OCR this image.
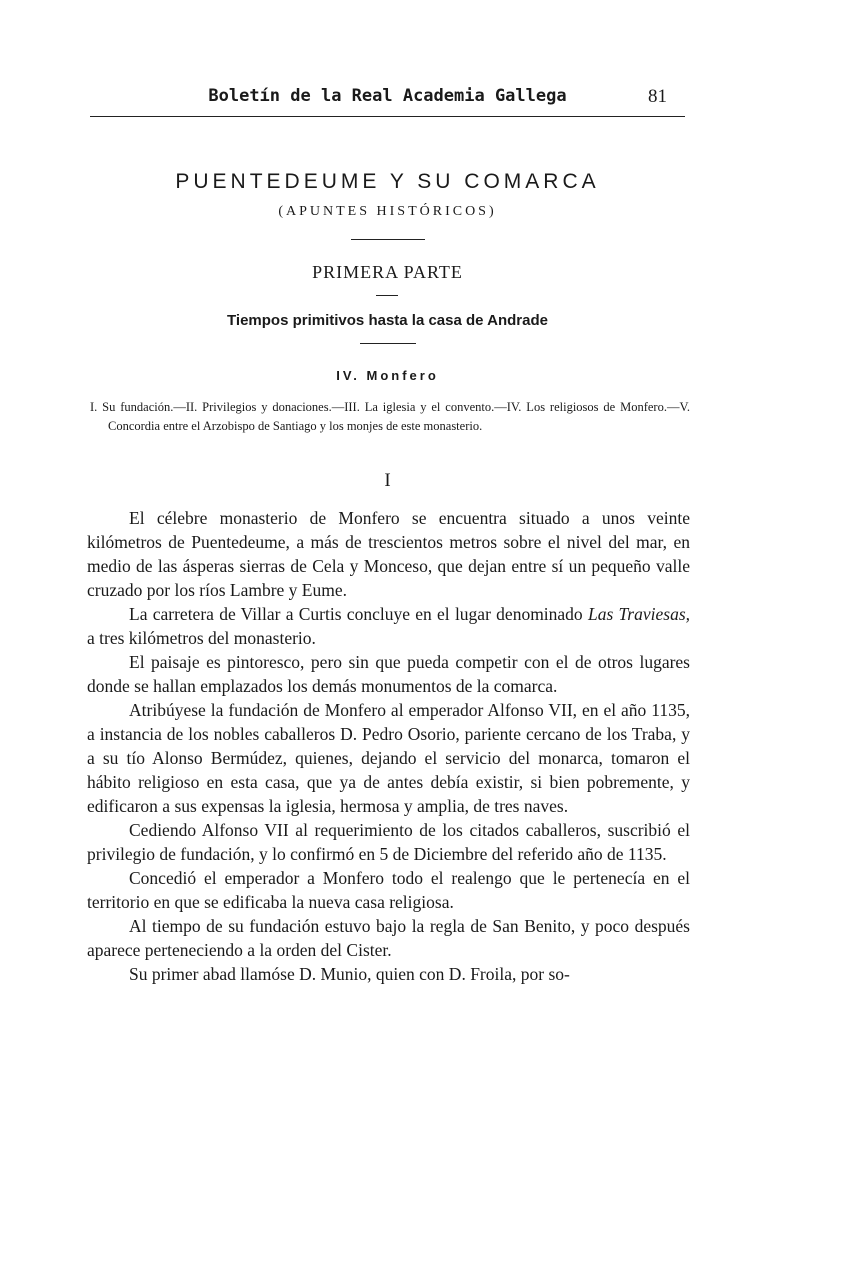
Boletín de la Real Academia Gallega	81
PUENTEDEUME Y SU COMARCA
(APUNTES HISTÓRICOS)
PRIMERA PARTE
Tiempos primitivos hasta la casa de Andrade
IV. Monfero

I. Su fundación.—II. Privilegios y donaciones.—III. La iglesia y el convento.—IV. Los religiosos de Monfero.—V. Concordia entre el Arzobispo de Santiago y los monjes de este monasterio.

I

El célebre monasterio de Monfero se encuentra situado a unos veinte kilómetros de Puentedeume, a más de trescientos metros sobre el nivel del mar, en medio de las ásperas sierras de Cela y Monceso, que dejan entre sí un pequeño valle cruzado por los ríos Lambre y Eume.

La carretera de Villar a Curtis concluye en el lugar denominado Las Traviesas, a tres kilómetros del monasterio.

El paisaje es pintoresco, pero sin que pueda competir con el de otros lugares donde se hallan emplazados los demás monumentos de la comarca.

Atribúyese la fundación de Monfero al emperador Alfonso VII, en el año 1135, a instancia de los nobles caballeros D. Pedro Osorio, pariente cercano de los Traba, y a su tío Alonso Bermúdez, quienes, dejando el servicio del monarca, tomaron el hábito religioso en esta casa, que ya de antes debía existir, si bien pobremente, y edificaron a sus expensas la iglesia, hermosa y amplia, de tres naves.

Cediendo Alfonso VII al requerimiento de los citados caballeros, suscribió el privilegio de fundación, y lo confirmó en 5 de Diciembre del referido año de 1135.

Concedió el emperador a Monfero todo el realengo que le pertenecía en el territorio en que se edificaba la nueva casa religiosa.

Al tiempo de su fundación estuvo bajo la regla de San Benito, y poco después aparece perteneciendo a la orden del Cister.

Su primer abad llamóse D. Munio, quien con D. Froila, por so-
